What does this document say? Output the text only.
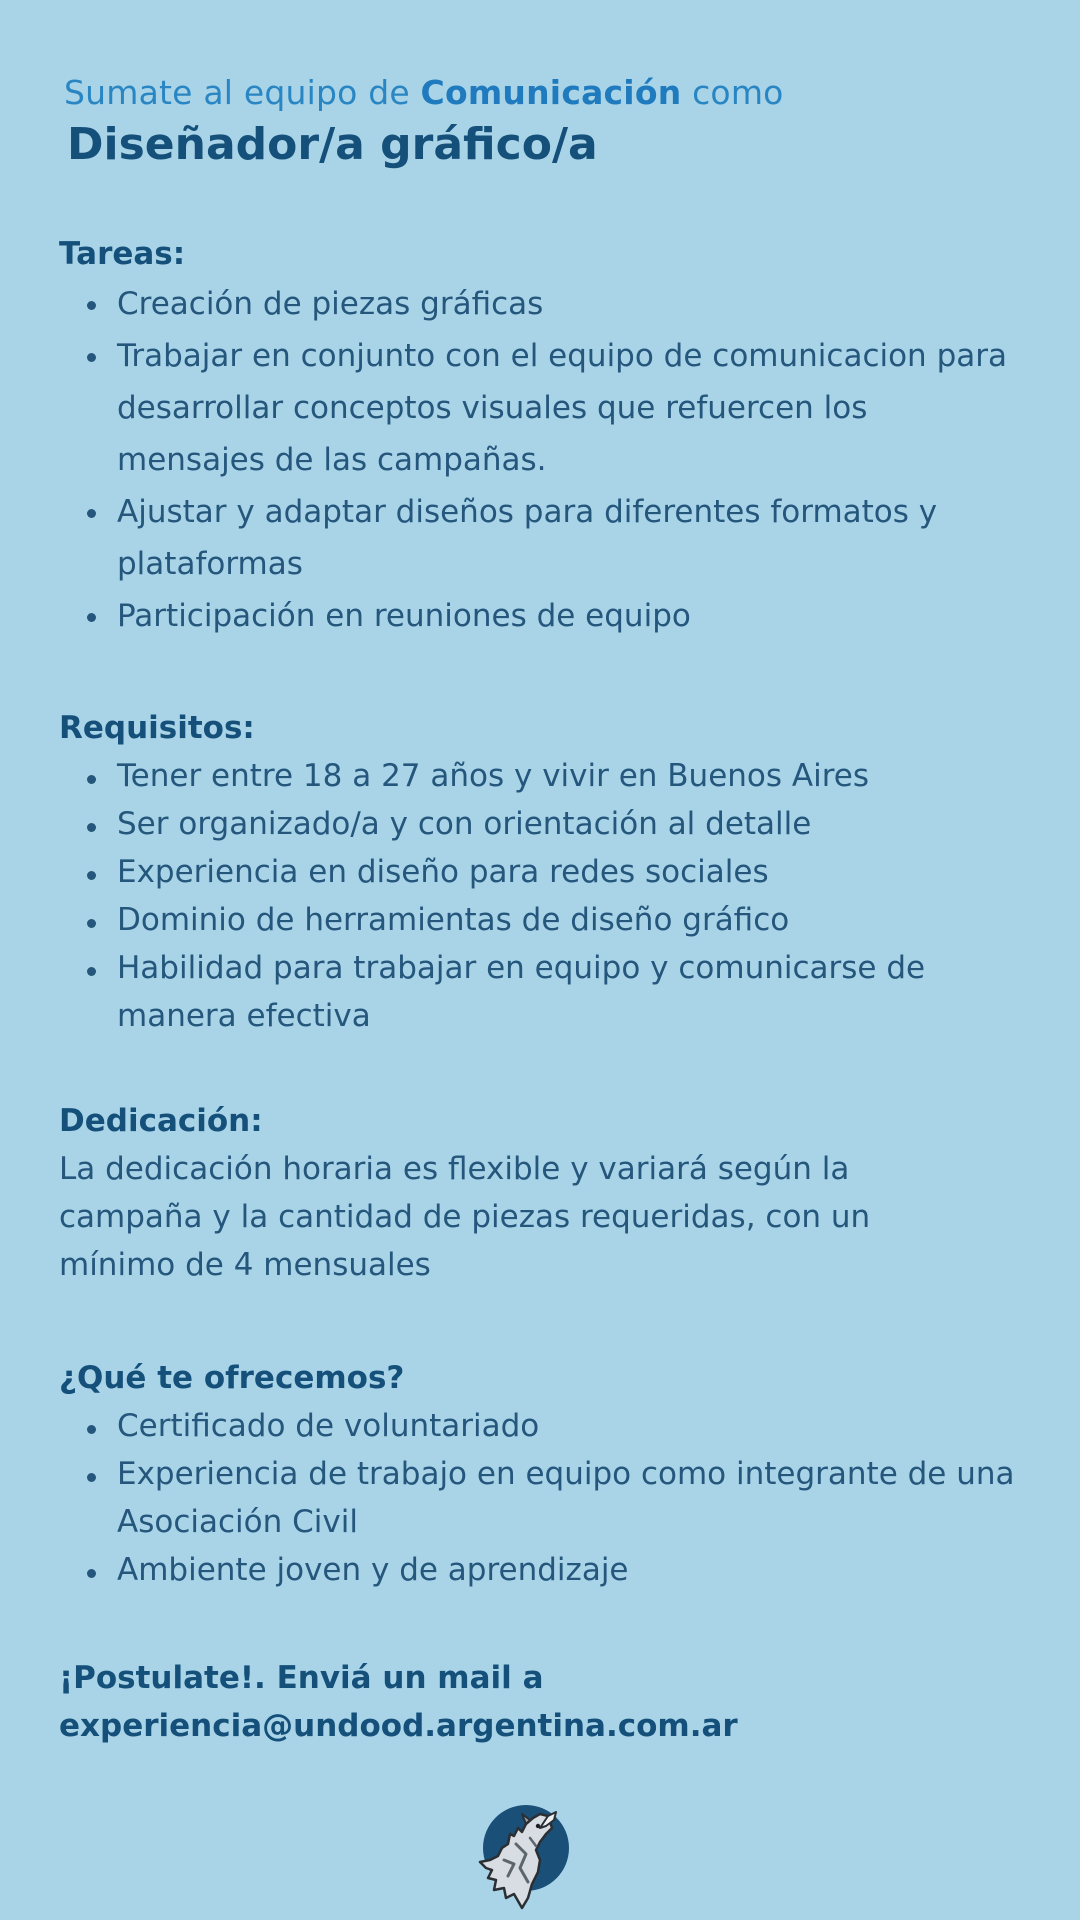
Sumate al equipo de Comunicación como
Diseñador/a gráfico/a
Tareas:
Creación de piezas gráficas
Trabajar en conjunto con el equipo de comunicacion para desarrollar conceptos visuales que refuercen los mensajes de las campañas.
Ajustar y adaptar diseños para diferentes formatos y plataformas
Participación en reuniones de equipo
Requisitos:
Tener entre 18 a 27 años y vivir en Buenos Aires
Ser organizado/a y con orientación al detalle
Experiencia en diseño para redes sociales
Dominio de herramientas de diseño gráfico
Habilidad para trabajar en equipo y comunicarse de manera efectiva
Dedicación:

La dedicación horaria es flexible y variará según la campaña y la cantidad de piezas requeridas, con un mínimo de 4 mensuales

¿Qué te ofrecemos?
Certificado de voluntariado
Experiencia de trabajo en equipo como integrante de una Asociación Civil
Ambiente joven y de aprendizaje
¡Postulate!. Enviá un mail a
experiencia@undood.argentina.com.ar
